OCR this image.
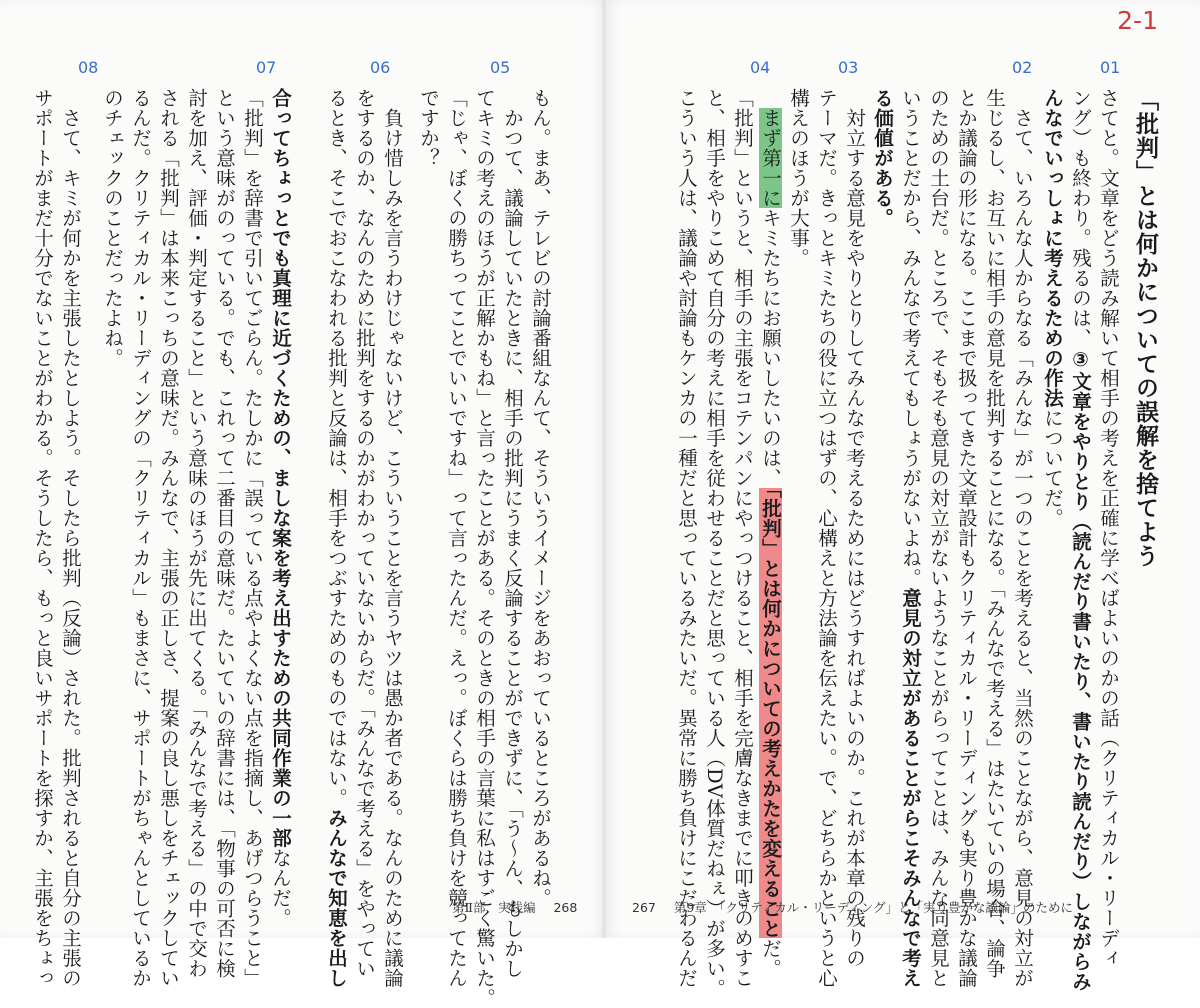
05
06
07
08
もん。まあ、テレビの討論番組なんて、そういうイメージをあおっているところがあるね。
　かつて、議論していたときに、相手の批判にうまく反論することができずに、「う～ん、もしかし
てキミの考えのほうが正解かもね」と言ったことがある。そのときの相手の言葉に私はすごく驚いた。
「じゃ、ぼくの勝ちってことでいいですね」って言ったんだ。えっ。ぼくらは勝ち負けを競ってたん
ですか？
　負け惜しみを言うわけじゃないけど、こういうことを言うヤツは愚か者である。なんのために議論
をするのか、なんのために批判をするのかがわかっていないからだ。「みんなで考える」をやってい
るとき、そこでおこなわれる批判と反論は、相手をつぶすためのものではない。みんなで知恵を出し
合ってちょっとでも真理に近づくための、ましな案を考え出すための共同作業の一部なんだ。
「批判」を辞書で引いてごらん。たしかに「誤っている点やよくない点を指摘し、あげつらうこと」
という意味がのっている。でも、これって二番目の意味だ。たいていの辞書には、「物事の可否に検
討を加え、評価・判定すること」という意味のほうが先に出てくる。「みんなで考える」の中で交わ
される「批判」は本来こっちの意味だ。みんなで、主張の正しさ、提案の良し悪しをチェックしてい
るんだ。クリティカル・リーディングの「クリティカル」もまさに、サポートがちゃんとしているか
のチェックのことだったよね。
　さて、キミが何かを主張したとしよう。そしたら批判（反論）された。批判されると自分の主張の
サポートがまだ十分でないことがわかる。そうしたら、もっと良いサポートを探すか、主張をちょっ	第Ⅱ部　実践編 268
2-1
01
02
03
04
「批判」とは何かについての誤解を捨てよう
さてと。文章をどう読み解いて相手の考えを正確に学べばよいのかの話（クリティカル・リーディ
ング）も終わり。残るのは、③文章をやりとり（読んだり書いたり、書いたり読んだり）しながらみ
んなでいっしょに考えるための作法についてだ。
　さて、いろんな人からなる「みんな」が一つのことを考えると、当然のことながら、意見の対立が
生じるし、お互いに相手の意見を批判することになる。「みんなで考える」はたいていの場合、論争
とか議論の形になる。ここまで扱ってきた文章設計もクリティカル・リーディングも実り豊かな議論
のための土台だ。ところで、そもそも意見の対立がないようなことがらってことは、みんな同意見と
いうことだから、みんなで考えてもしょうがないよね。意見の対立があることがらこそみんなで考え
る価値がある。
　対立する意見をやりとりしてみんなで考えるためにはどうすればよいのか。これが本章の残りの
テーマだ。きっとキミたちの役に立つはずの、心構えと方法論を伝えたい。で、どちらかというと心
構えのほうが大事。
　まず第一にキミたちにお願いしたいのは、「批判」とは何かについての考えかたを変えることだ。
「批判」というと、相手の主張をコテンパンにやっつけること、相手を完膚なきまでに叩きのめすこ
と、相手をやりこめて自分の考えに相手を従わせることだと思っている人（DV体質だねぇ）が多い。
こういう人は、議論や討論もケンカの一種だと思っているみたいだ。異常に勝ち負けにこだわるんだ
267 第9章　「クリティカル・リーディング」と「実り豊かな議論」のために
